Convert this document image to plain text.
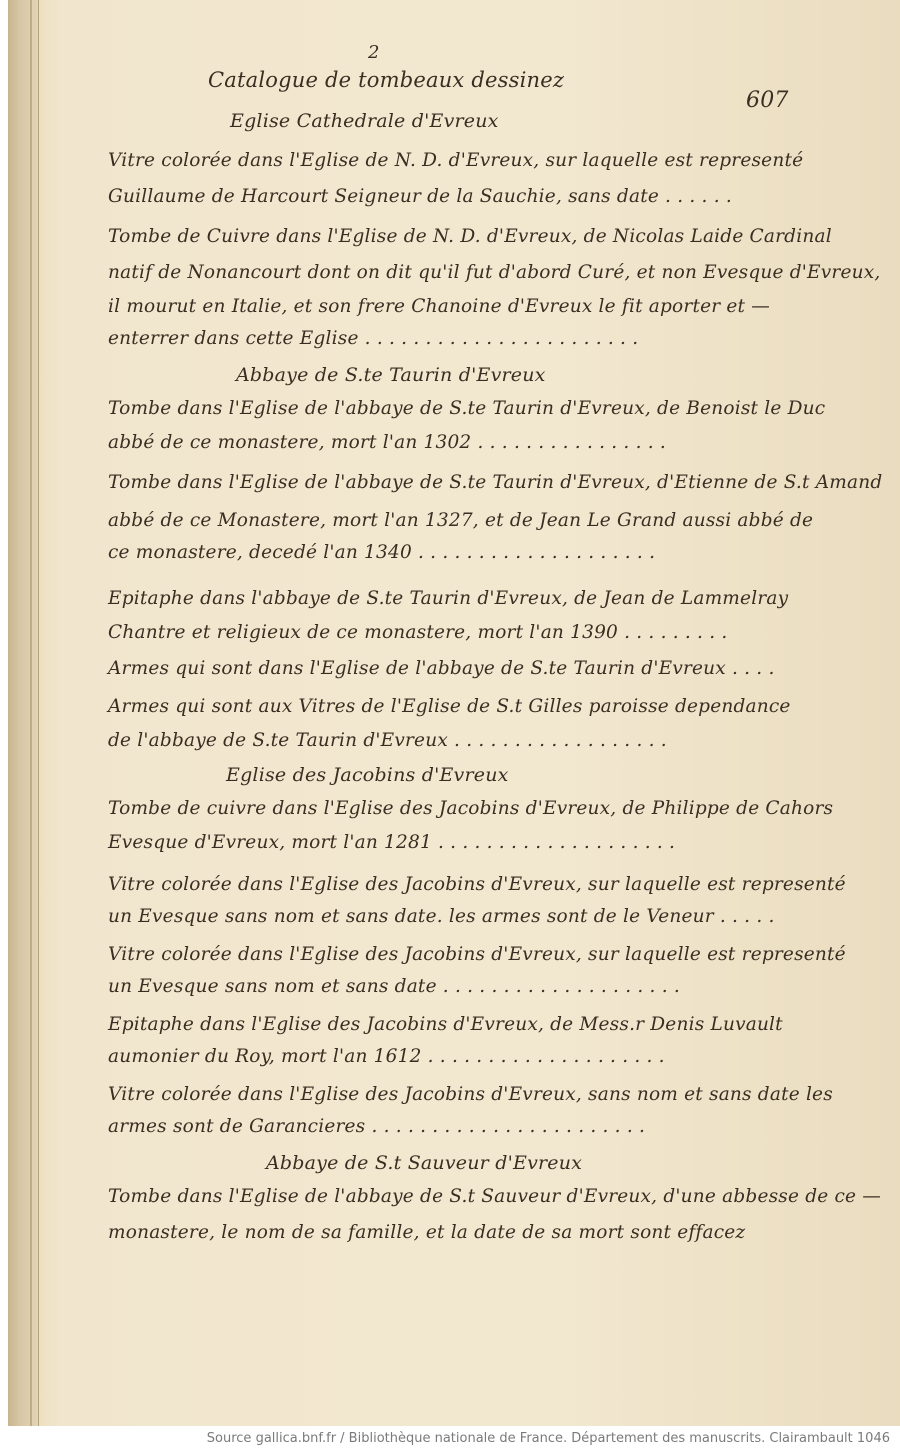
2
607
Catalogue de tombeaux dessinez
Eglise Cathedrale d'Evreux
Vitre colorée dans l'Eglise de N. D. d'Evreux, sur laquelle est representé
Guillaume de Harcourt Seigneur de la Sauchie, sans date . . . . . .
Tombe de Cuivre dans l'Eglise de N. D. d'Evreux, de Nicolas Laide Cardinal
natif de Nonancourt dont on dit qu'il fut d'abord Curé, et non Evesque d'Evreux,
il mourut en Italie, et son frere Chanoine d'Evreux le fit aporter et —
enterrer dans cette Eglise . . . . . . . . . . . . . . . . . . . . . . .
Abbaye de S.te Taurin d'Evreux
Tombe dans l'Eglise de l'abbaye de S.te Taurin d'Evreux, de Benoist le Duc
abbé de ce monastere, mort l'an 1302 . . . . . . . . . . . . . . . .
Tombe dans l'Eglise de l'abbaye de S.te Taurin d'Evreux, d'Etienne de S.t Amand
abbé de ce Monastere, mort l'an 1327, et de Jean Le Grand aussi abbé de
ce monastere, decedé l'an 1340 . . . . . . . . . . . . . . . . . . . .
Epitaphe dans l'abbaye de S.te Taurin d'Evreux, de Jean de Lammelray
Chantre et religieux de ce monastere, mort l'an 1390 . . . . . . . . .
Armes qui sont dans l'Eglise de l'abbaye de S.te Taurin d'Evreux . . . .
Armes qui sont aux Vitres de l'Eglise de S.t Gilles paroisse dependance
de l'abbaye de S.te Taurin d'Evreux . . . . . . . . . . . . . . . . . .
Eglise des Jacobins d'Evreux
Tombe de cuivre dans l'Eglise des Jacobins d'Evreux, de Philippe de Cahors
Evesque d'Evreux, mort l'an 1281 . . . . . . . . . . . . . . . . . . . .
Vitre colorée dans l'Eglise des Jacobins d'Evreux, sur laquelle est representé
un Evesque sans nom et sans date. les armes sont de le Veneur . . . . .
Vitre colorée dans l'Eglise des Jacobins d'Evreux, sur laquelle est representé
un Evesque sans nom et sans date . . . . . . . . . . . . . . . . . . . .
Epitaphe dans l'Eglise des Jacobins d'Evreux, de Mess.r Denis Luvault
aumonier du Roy, mort l'an 1612 . . . . . . . . . . . . . . . . . . . .
Vitre colorée dans l'Eglise des Jacobins d'Evreux, sans nom et sans date les
armes sont de Garancieres . . . . . . . . . . . . . . . . . . . . . . .
Abbaye de S.t Sauveur d'Evreux
Tombe dans l'Eglise de l'abbaye de S.t Sauveur d'Evreux, d'une abbesse de ce —
monastere, le nom de sa famille, et la date de sa mort sont effacez
Source gallica.bnf.fr / Bibliothèque nationale de France. Département des manuscrits. Clairambault 1046
